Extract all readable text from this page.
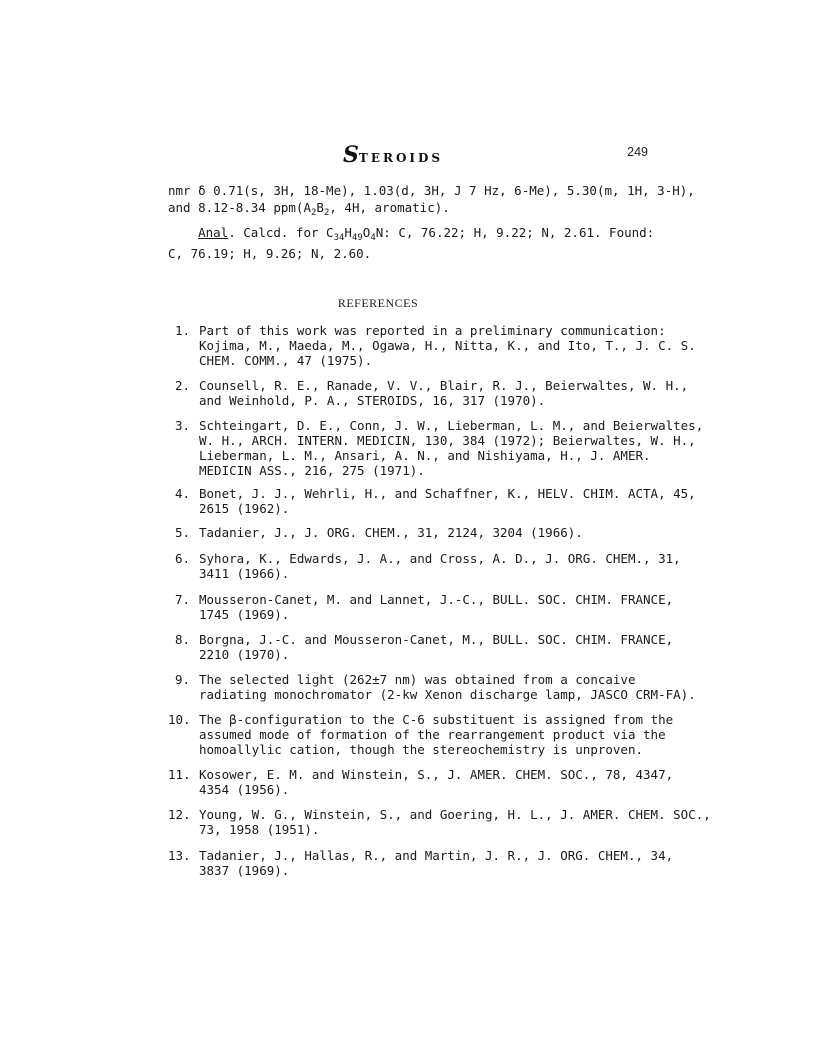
STEROIDS	249
nmr δ 0.71(s, 3H, 18-Me), 1.03(d, 3H, J 7 Hz, 6-Me), 5.30(m, 1H, 3-H),
and 8.12-8.34 $ppm(A_2B_2$, 4H, aromatic).
Anal. Calcd. for $C_{34}H_{49}O_4N$: C, 76.22; H, 9.22; N, 2.61. Found:
C, 76.19; H, 9.26; N, 2.60.
REFERENCES
1. Part of this work was reported in a preliminary communication:
Kojima, M., Maeda, M., Ogawa, H., Nitta, K., and Ito, T., J. C. S.
CHEM. COMM., 47 (1975).
2. Counsell, R. E., Ranade, V. V., Blair, R. J., Beierwaltes, W. H.,
and Weinhold, P. A., STEROIDS, 16, 317 (1970).
3. Schteingart, D. E., Conn, J. W., Lieberman, L. M., and Beierwaltes,
W. H., ARCH. INTERN. MEDICIN, 130, 384 (1972); Beierwaltes, W. H.,
Lieberman, L. M., Ansari, A. N., and Nishiyama, H., J. AMER.
MEDICIN ASS., 216, 275 (1971).
4. Bonet, J. J., Wehrli, H., and Schaffner, K., HELV. CHIM. ACTA, 45,
2615 (1962).
5. Tadanier, J., J. ORG. CHEM., 31, 2124, 3204 (1966).
6. Syhora, K., Edwards, J. A., and Cross, A. D., J. ORG. CHEM., 31,
3411 (1966).
7. Mousseron-Canet, M. and Lannet, J.-C., BULL. SOC. CHIM. FRANCE,
1745 (1969).
8. Borgna, J.-C. and Mousseron-Canet, M., BULL. SOC. CHIM. FRANCE,
2210 (1970).
9. The selected light (262±7 nm) was obtained from a concaive
radiating monochromator (2-kw Xenon discharge lamp, JASCO CRM-FA).
10. The β-configuration to the C-6 substituent is assigned from the
assumed mode of formation of the rearrangement product via the
homoallylic cation, though the stereochemistry is unproven.
11. Kosower, E. M. and Winstein, S., J. AMER. CHEM. SOC., 78, 4347,
4354 (1956).
12. Young, W. G., Winstein, S., and Goering, H. L., J. AMER. CHEM. SOC.,
73, 1958 (1951).
13. Tadanier, J., Hallas, R., and Martin, J. R., J. ORG. CHEM., 34,
3837 (1969).
